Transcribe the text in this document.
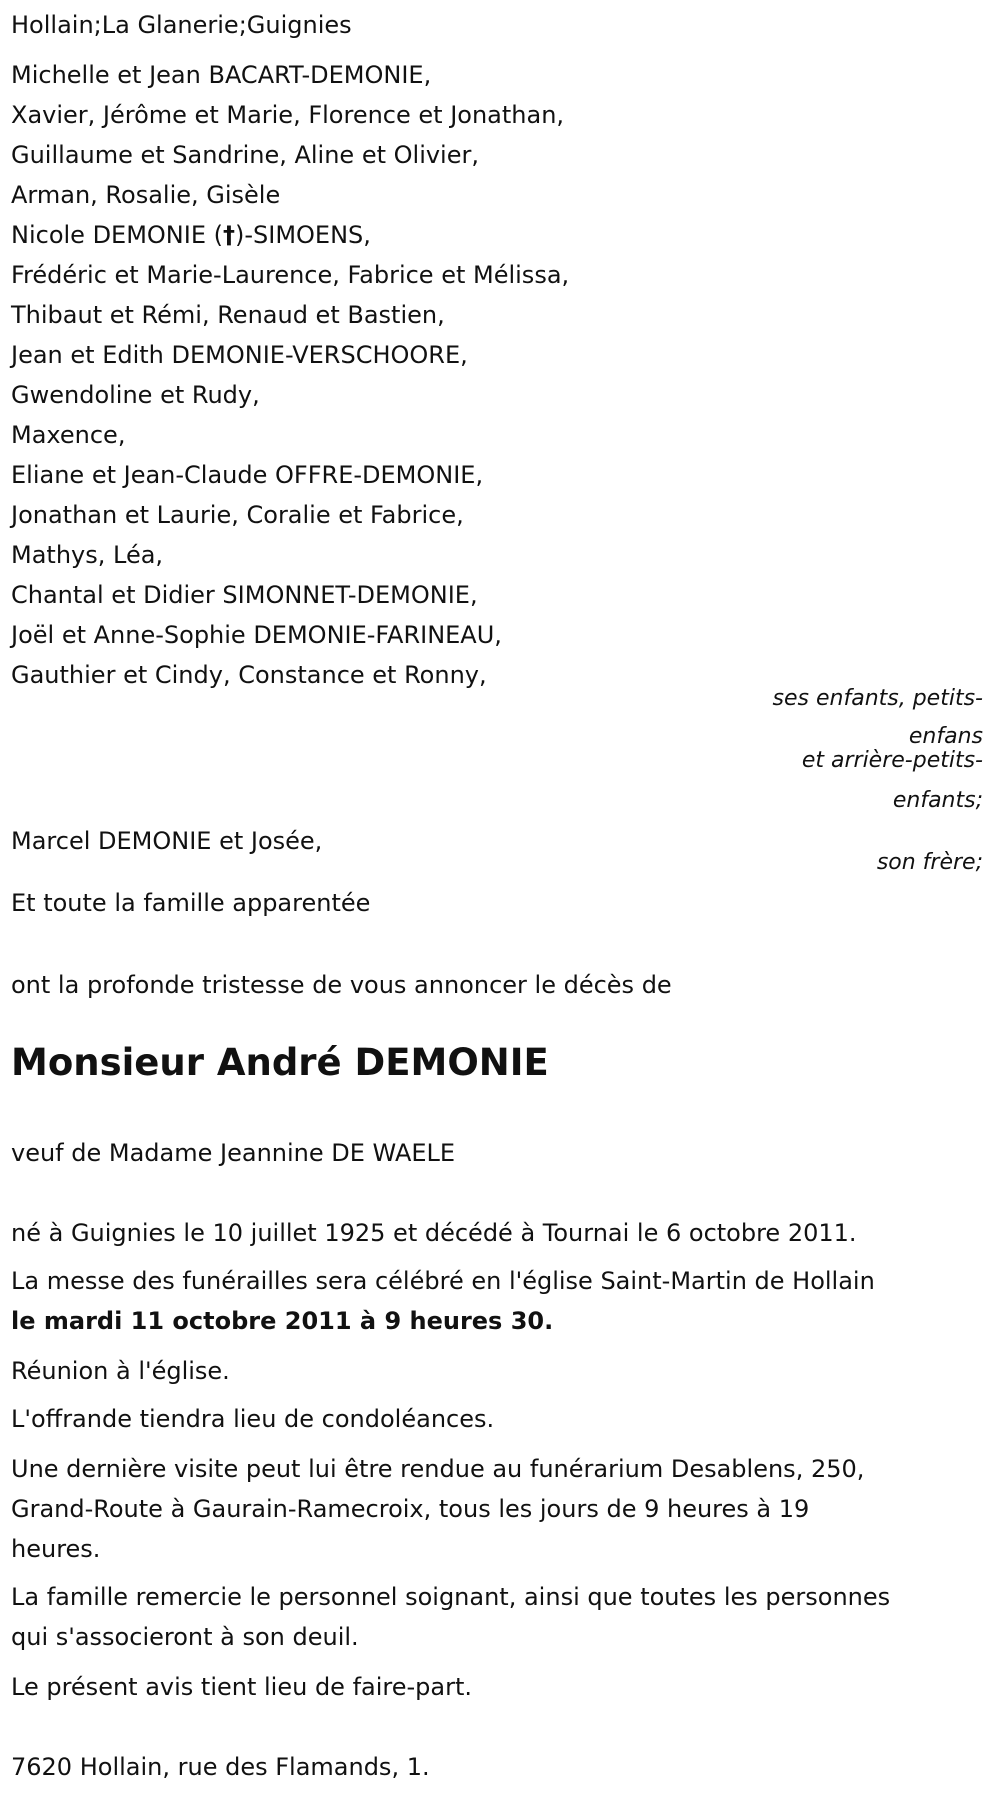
Hollain;La Glanerie;Guignies
Michelle et Jean BACART-DEMONIE,
Xavier, Jérôme et Marie, Florence et Jonathan,
Guillaume et Sandrine, Aline et Olivier,
Arman, Rosalie, Gisèle
Nicole DEMONIE (†)-SIMOENS,
Frédéric et Marie-Laurence, Fabrice et Mélissa,
Thibaut et Rémi, Renaud et Bastien,
Jean et Edith DEMONIE-VERSCHOORE,
Gwendoline et Rudy,
Maxence,
Eliane et Jean-Claude OFFRE-DEMONIE,
Jonathan et Laurie, Coralie et Fabrice,
Mathys, Léa,
Chantal et Didier SIMONNET-DEMONIE,
Joël et Anne-Sophie DEMONIE-FARINEAU,
Gauthier et Cindy, Constance et Ronny,
ses enfants, petits-
enfans
et arrière-petits-
enfants;
Marcel DEMONIE et Josée,
son frère;
Et toute la famille apparentée
ont la profonde tristesse de vous annoncer le décès de
Monsieur André DEMONIE
veuf de Madame Jeannine DE WAELE
né à Guignies le 10 juillet 1925 et décédé à Tournai le 6 octobre 2011.
La messe des funérailles sera célébré en l'église Saint-Martin de Hollain
le mardi 11 octobre 2011 à 9 heures 30.
Réunion à l'église.
L'offrande tiendra lieu de condoléances.
Une dernière visite peut lui être rendue au funérarium Desablens, 250,
Grand-Route à Gaurain-Ramecroix, tous les jours de 9 heures à 19
heures.
La famille remercie le personnel soignant, ainsi que toutes les personnes
qui s'associeront à son deuil.
Le présent avis tient lieu de faire-part.
7620 Hollain, rue des Flamands, 1.
